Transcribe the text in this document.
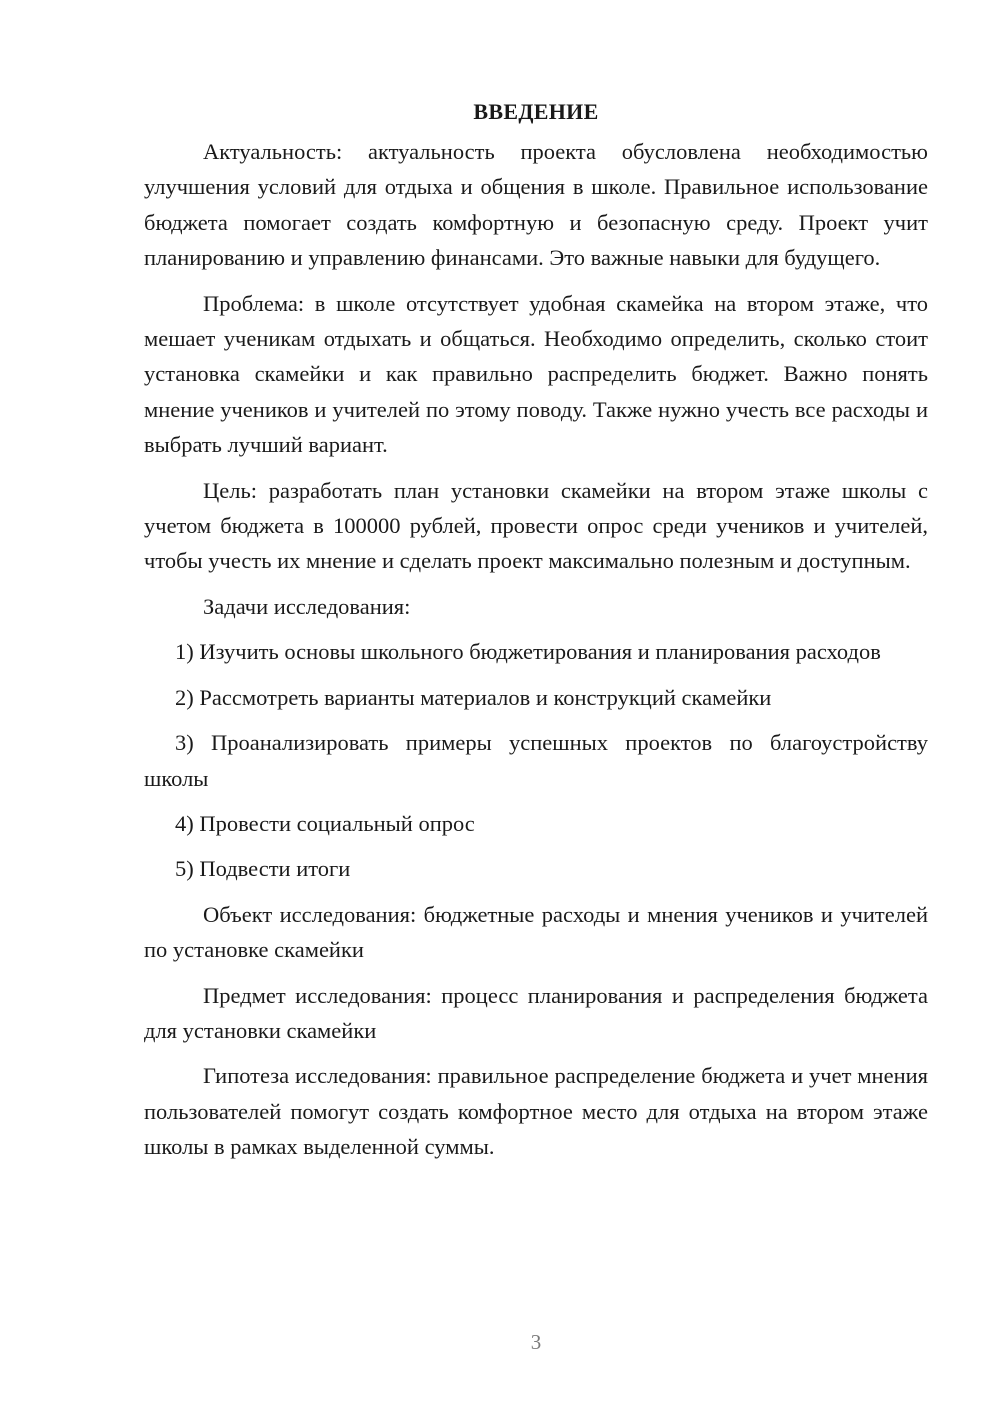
ВВЕДЕНИЕ

Актуальность: актуальность проекта обусловлена необходимостью улучшения условий для отдыха и общения в школе. Правильное использование бюджета помогает создать комфортную и безопасную среду. Проект учит планированию и управлению финансами. Это важные навыки для будущего.

Проблема: в школе отсутствует удобная скамейка на втором этаже, что мешает ученикам отдыхать и общаться. Необходимо определить, сколько стоит установка скамейки и как правильно распределить бюджет. Важно понять мнение учеников и учителей по этому поводу. Также нужно учесть все расходы и выбрать лучший вариант.

Цель: разработать план установки скамейки на втором этаже школы с учетом бюджета в 100000 рублей, провести опрос среди учеников и учителей, чтобы учесть их мнение и сделать проект максимально полезным и доступным.

Задачи исследования:

1) Изучить основы школьного бюджетирования и планирования расходов

2) Рассмотреть варианты материалов и конструкций скамейки

3) Проанализировать примеры успешных проектов по благоустройству школы

4) Провести социальный опрос

5) Подвести итоги

Объект исследования: бюджетные расходы и мнения учеников и учителей по установке скамейки

Предмет исследования: процесс планирования и распределения бюджета для установки скамейки

Гипотеза исследования: правильное распределение бюджета и учет мнения пользователей помогут создать комфортное место для отдыха на втором этаже школы в рамках выделенной суммы.

3
